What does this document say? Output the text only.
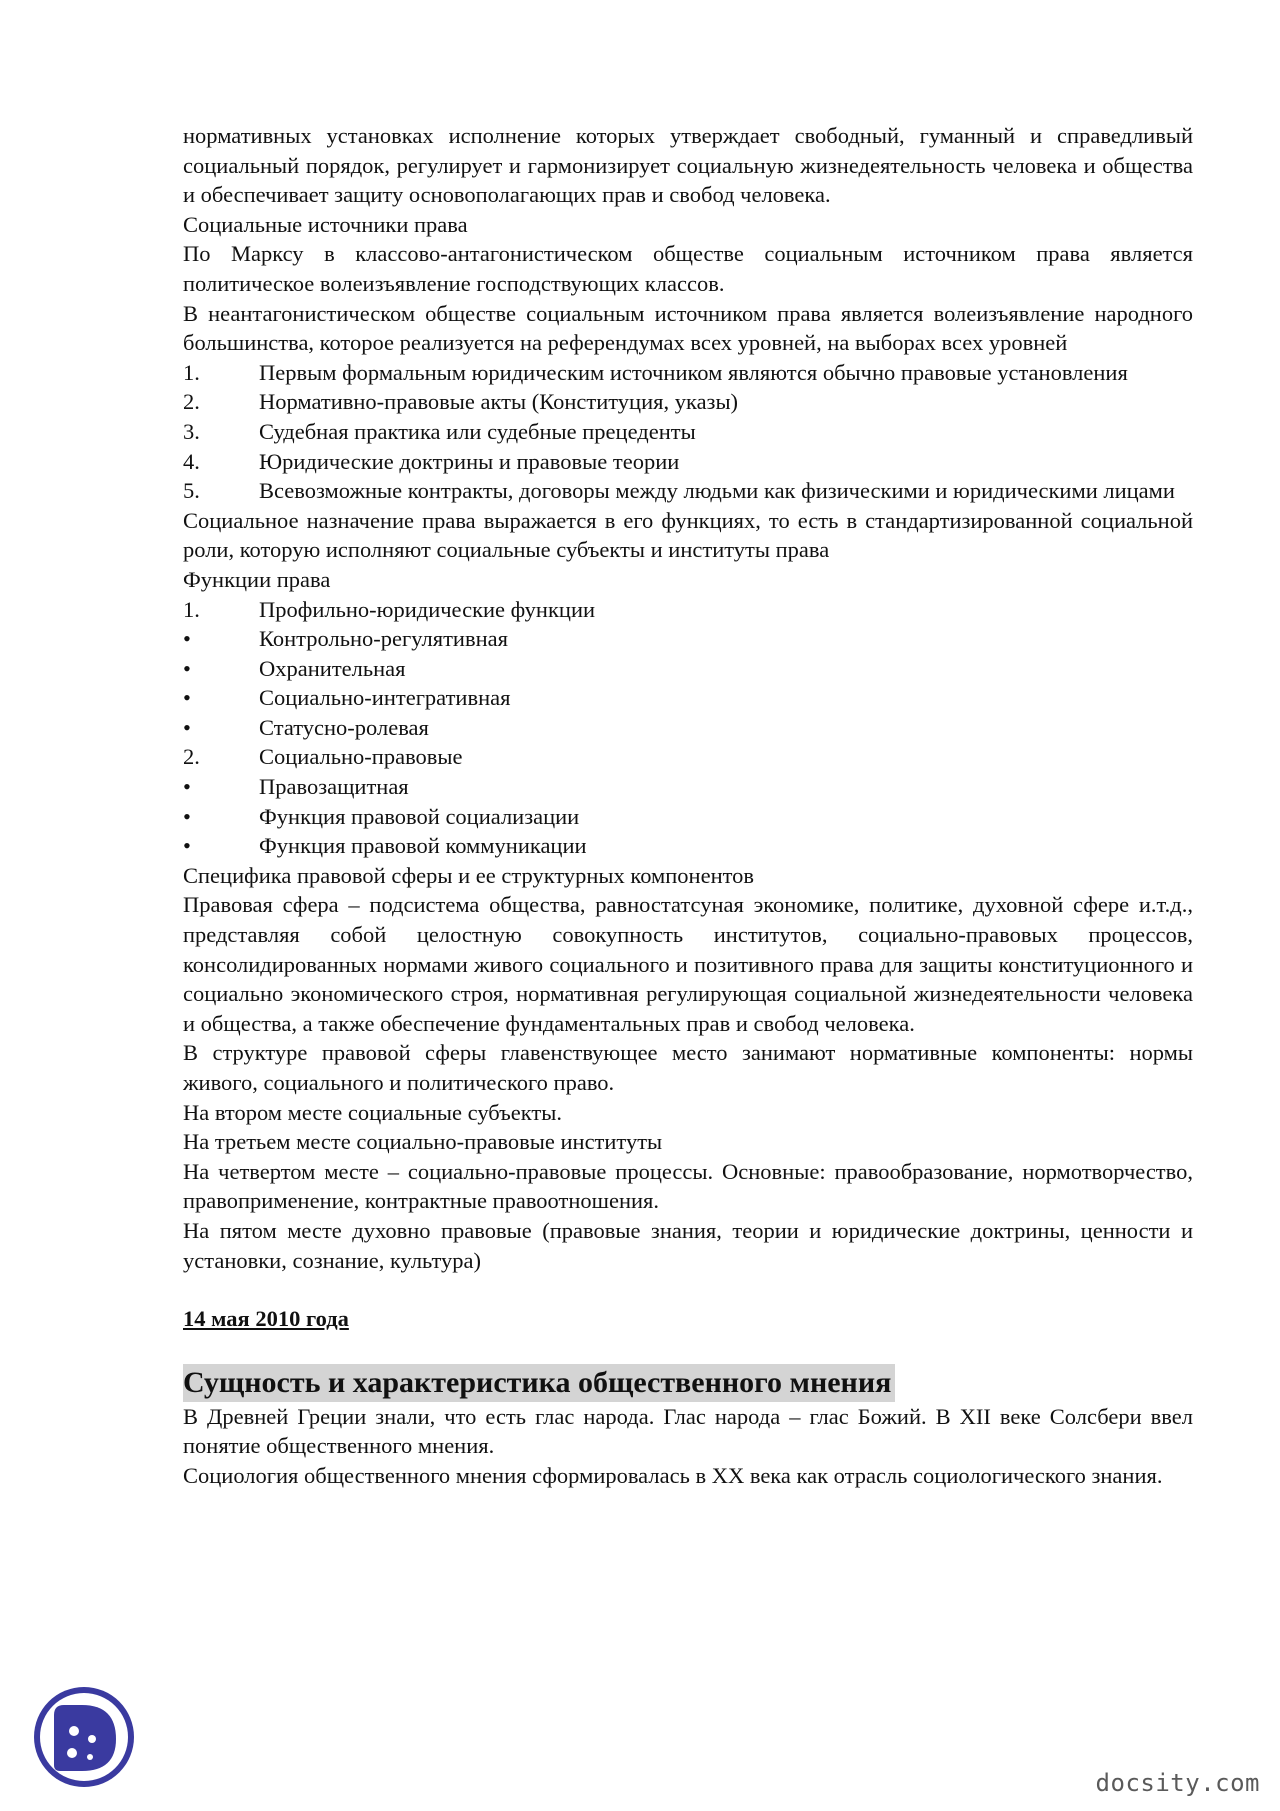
нормативных установках исполнение которых утверждает свободный, гуманный и справедливый социальный порядок, регулирует и гармонизирует социальную жизнедеятельность человека и общества и обеспечивает защиту основополагающих прав и свобод человека.

Социальные источники права

По Марксу в классово-антагонистическом обществе социальным источником права является политическое волеизъявление господствующих классов.

В неантагонистическом обществе социальным источником права является волеизъявление народного большинства, которое реализуется на референдумах всех уровней, на выборах всех уровней

1.	Первым формальным юридическим источником являются обычно правовые установления
2.	Нормативно-правовые акты (Конституция, указы)
3.	Судебная практика или судебные прецеденты
4.	Юридические доктрины и правовые теории
5.	Всевозможные контракты, договоры между людьми как физическими и юридическими лицами

Социальное назначение права выражается в его функциях, то есть в стандартизированной социальной роли, которую исполняют социальные субъекты и институты права

Функции права

1.	Профильно-юридические функции
•	Контрольно-регулятивная
•	Охранительная
•	Социально-интегративная
•	Статусно-ролевая
2.	Социально-правовые
•	Правозащитная
•	Функция правовой социализации
•	Функция правовой коммуникации

Специфика правовой сферы и ее структурных компонентов

Правовая сфера – подсистема общества, равностатсуная экономике, политике, духовной сфере и.т.д., представляя собой целостную совокупность институтов, социально-правовых процессов, консолидированных нормами живого социального и позитивного права для защиты конституционного и социально экономического строя, нормативная регулирующая социальной жизнедеятельности человека и общества, а также обеспечение фундаментальных прав и свобод человека.

В структуре правовой сферы главенствующее место занимают нормативные компоненты: нормы живого, социального и политического право.

На втором месте социальные субъекты.

На третьем месте социально-правовые институты

На четвертом месте – социально-правовые процессы. Основные: правообразование, нормотворчество, правоприменение, контрактные правоотношения.

На пятом месте духовно правовые (правовые знания, теории и юридические доктрины, ценности и установки, сознание, культура)

14 мая 2010 года

Сущность и характеристика общественного мнения

В Древней Греции знали, что есть глас народа. Глас народа – глас Божий. В XII веке Солсбери ввел понятие общественного мнения.

Социология общественного мнения сформировалась в XX века как отрасль социологического знания.

docsity.com
